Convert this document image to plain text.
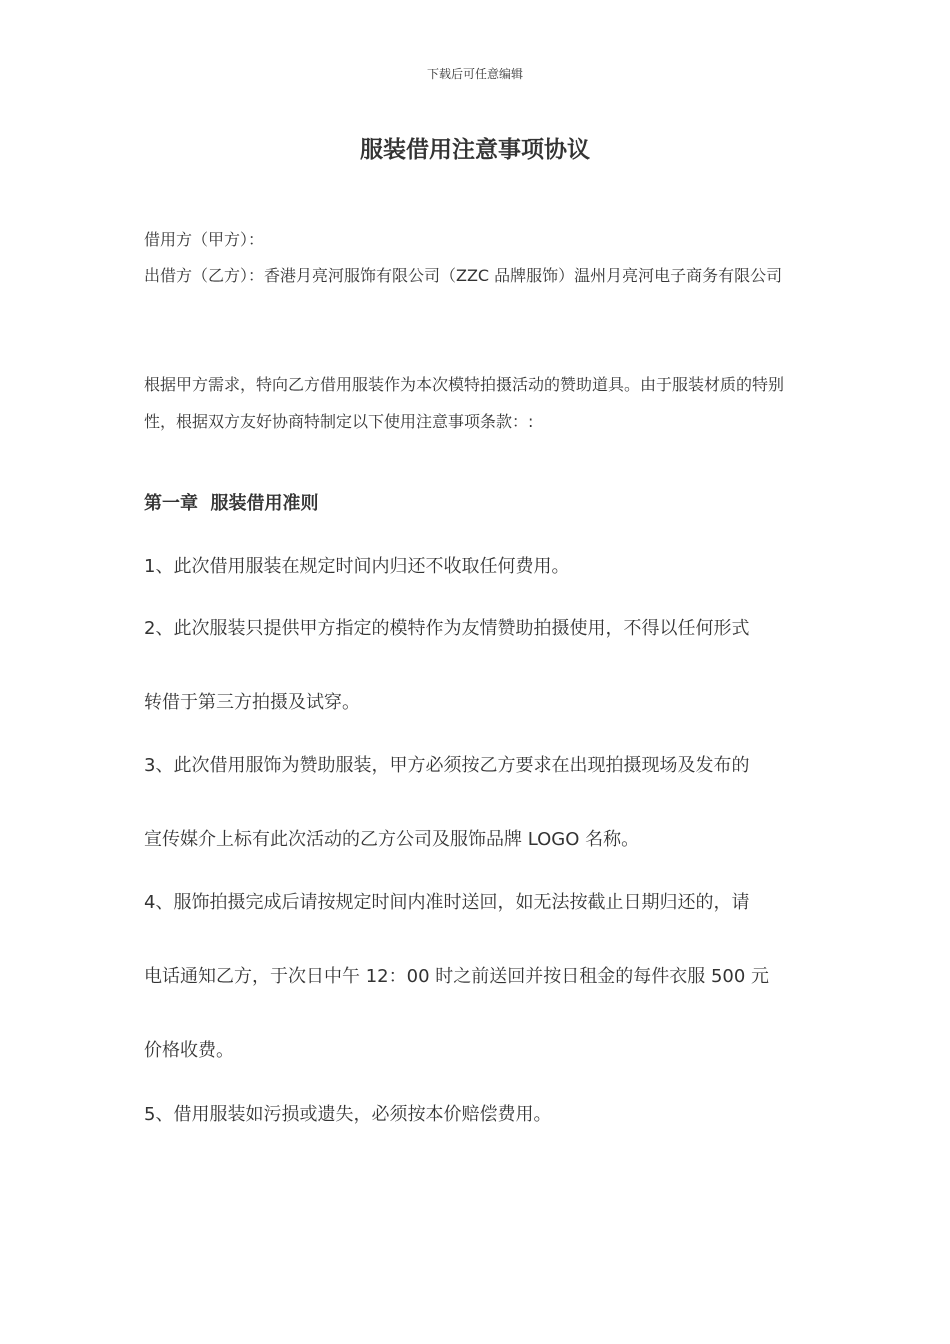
下载后可任意编辑
服装借用注意事项协议

借用方（甲方）：

出借方（乙方）：香港月亮河服饰有限公司（ZZC 品牌服饰）温州月亮河电子商务有限公司

根据甲方需求，特向乙方借用服装作为本次模特拍摄活动的赞助道具。由于服装材质的特别性，根据双方友好协商特制定以下使用注意事项条款：:

第一章  服装借用准则
1、此次借用服装在规定时间内归还不收取任何费用。
2、此次服装只提供甲方指定的模特作为友情赞助拍摄使用，不得以任何形式
转借于第三方拍摄及试穿。
3、此次借用服饰为赞助服装，甲方必须按乙方要求在出现拍摄现场及发布的
宣传媒介上标有此次活动的乙方公司及服饰品牌 LOGO 名称。
4、服饰拍摄完成后请按规定时间内准时送回，如无法按截止日期归还的，请
电话通知乙方，于次日中午 12：00 时之前送回并按日租金的每件衣服 500 元
价格收费。
5、借用服装如污损或遗失，必须按本价赔偿费用。
